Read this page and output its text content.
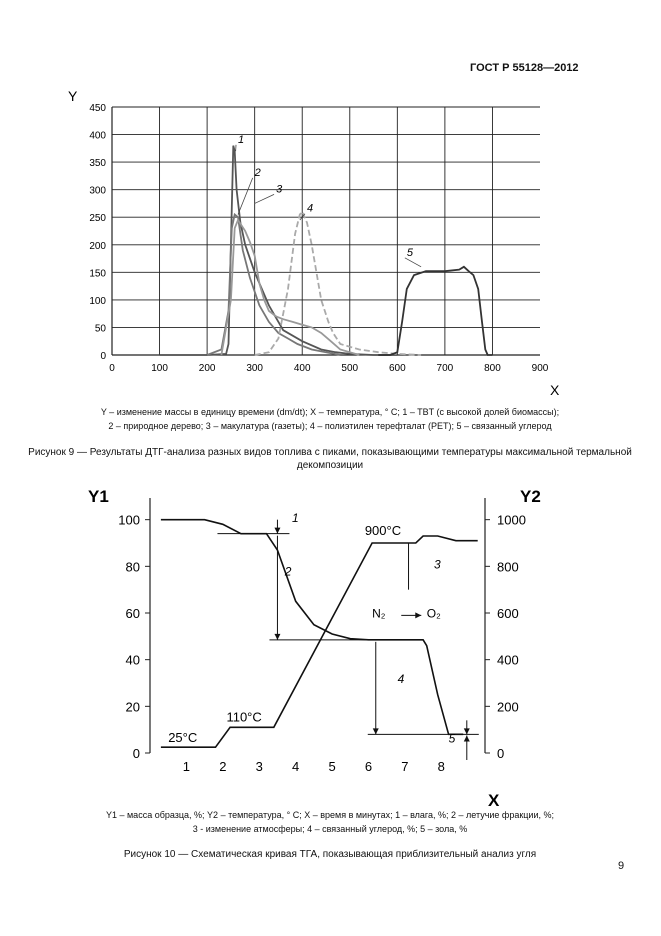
ГОСТ Р 55128—2012
0
50
100
150
200
250
300
350
400
450
0	100	200	300	400	500	600	700	800	900
Y
X
1
2
3
4
5
Y – изменение массы в единицу времени (dm/dt); X – температура, ° C; 1 – TBT (с высокой долей биомассы);
2 – природное дерево; 3 – макулатура (газеты); 4 – полиэтилен терефталат (PET); 5 – связанный углерод
Рисунок 9 — Результаты ДТГ-анализа разных видов топлива с пиками, показывающими температуры максимальной термальной декомпозиции
0
20
40
60
80
100
0
200
400
600
800
1000
1 2 3 4 5 6 7 8
Y1	Y2
X
25°C
110°C
900°C
N₂	O₂
1
2	3
4
5
Y1 – масса образца, %; Y2 – температура, ° C; X – время в минутах; 1 – влага, %; 2 – летучие фракции, %;
3 - изменение атмосферы; 4 – связанный углерод, %; 5 – зола, %
Рисунок 10 — Схематическая кривая ТГА, показывающая приблизительный анализ угля
9
